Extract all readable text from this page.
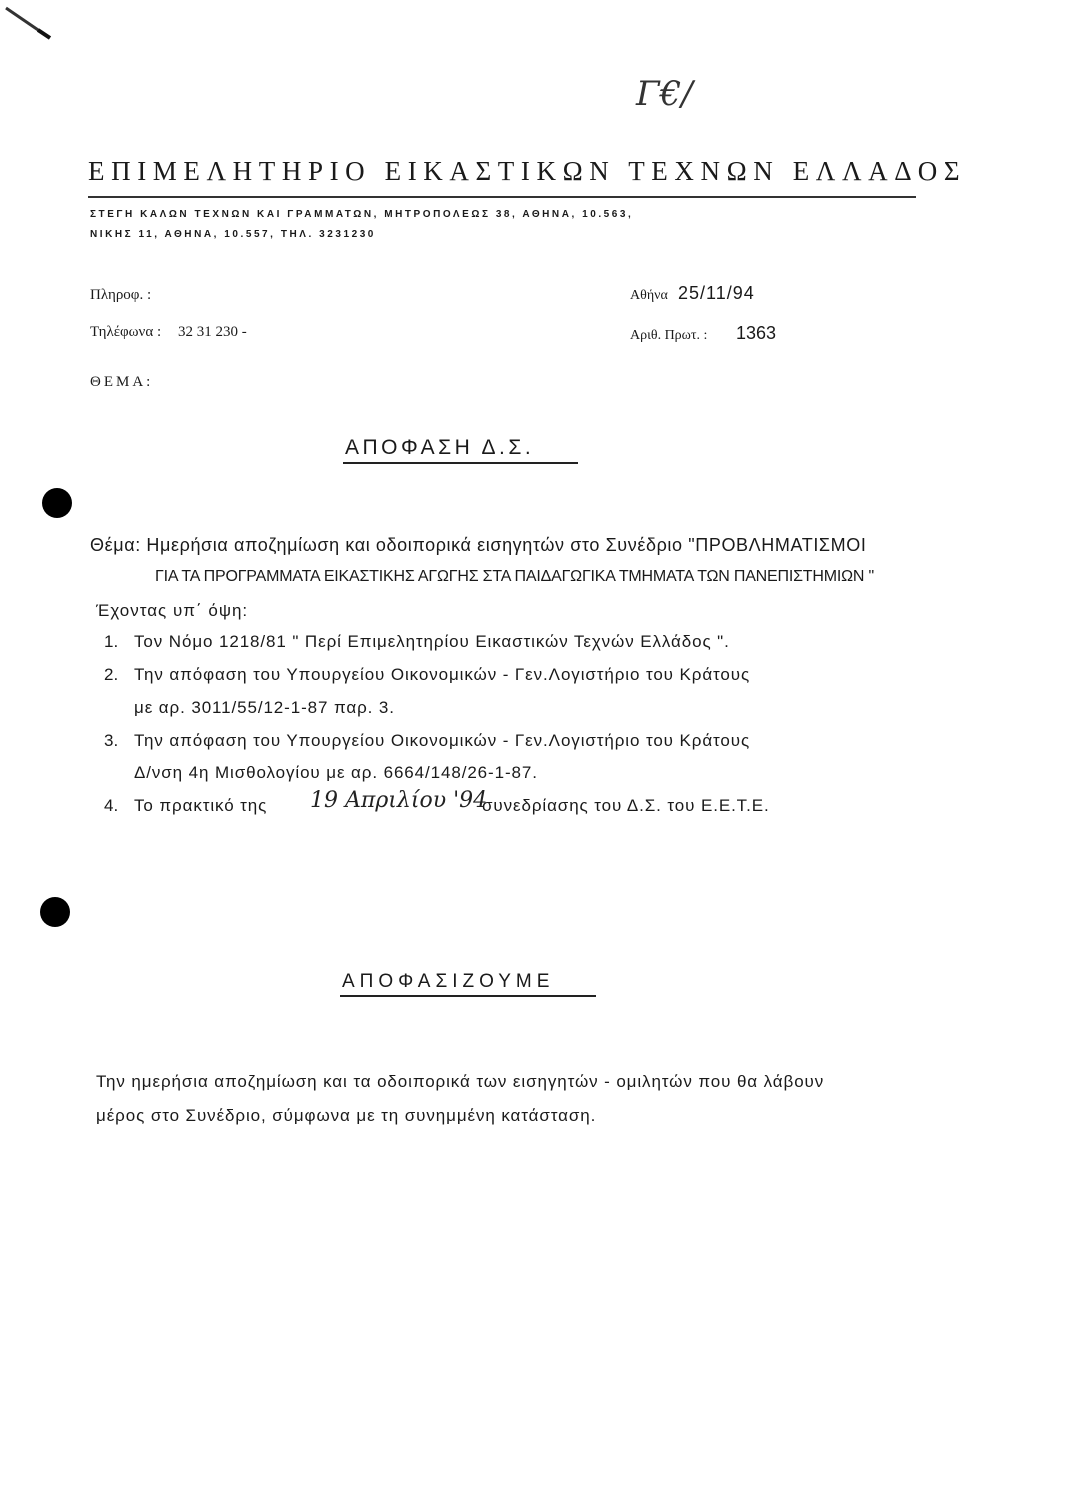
Γ€/
ΕΠΙΜΕΛΗΤΗΡΙΟ ΕΙΚΑΣΤΙΚΩΝ ΤΕΧΝΩΝ ΕΛΛΑΔΟΣ
ΣΤΕΓΗ ΚΑΛΩΝ ΤΕΧΝΩΝ ΚΑΙ ΓΡΑΜΜΑΤΩΝ, ΜΗΤΡΟΠΟΛΕΩΣ 38, ΑΘΗΝΑ, 10.563,
ΝΙΚΗΣ 11, ΑΘΗΝΑ, 10.557, ΤΗΛ. 3231230
Πληροφ. :
Τηλέφωνα : 32 31 230 -
ΘΕΜΑ:
Αθήνα 25/11/94
Αριθ. Πρωτ. : 1363
ΑΠΟΦΑΣΗ Δ.Σ.
Θέμα: Ημερήσια αποζημίωση και οδοιπορικά εισηγητών στο Συνέδριο "ΠΡΟΒΛΗΜΑΤΙΣΜΟΙ
ΓΙΑ ΤΑ ΠΡΟΓΡΑΜΜΑΤΑ ΕΙΚΑΣΤΙΚΗΣ ΑΓΩΓΗΣ ΣΤΑ ΠΑΙΔΑΓΩΓΙΚΑ ΤΜΗΜΑΤΑ ΤΩΝ ΠΑΝΕΠΙΣΤΗΜΙΩΝ "
Έχοντας υπ΄ όψη:
1. Τον Νόμο 1218/81 " Περί Επιμελητηρίου Εικαστικών Τεχνών Ελλάδος ".
2. Την απόφαση του Υπουργείου Οικονομικών - Γεν.Λογιστήριο του Κράτους
με αρ. 3011/55/12-1-87 παρ. 3.
3. Την απόφαση του Υπουργείου Οικονομικών - Γεν.Λογιστήριο του Κράτους
Δ/νση 4η Μισθολογίου με αρ. 6664/148/26-1-87.
4. Το πρακτικό της 19 Απριλίου '94
συνεδρίασης του Δ.Σ. του Ε.Ε.Τ.Ε.
ΑΠΟΦΑΣΙΖΟΥΜΕ
Την ημερήσια αποζημίωση και τα οδοιπορικά των εισηγητών - ομιλητών που θα λάβουν
μέρος στο Συνέδριο, σύμφωνα με τη συνημμένη κατάσταση.
